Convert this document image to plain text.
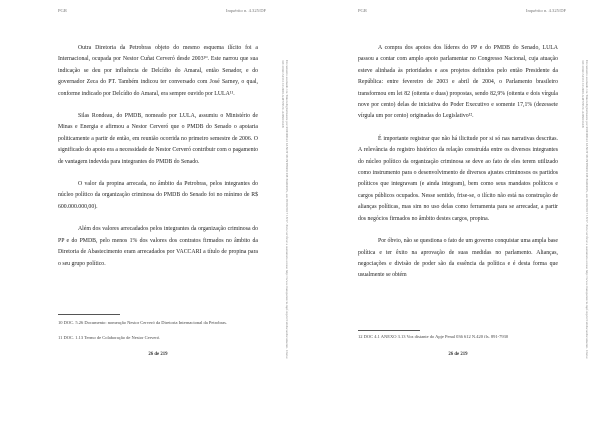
PGR	Inquérito n. 4.325/DF

Outra Diretoria da Petrobras objeto do mesmo esquema ilícito foi a Internacional, ocupada por Nestor Cuñat Cerveró desde 2003¹⁰. Este narrou que sua indicação se deu por influência de Delcídio do Amaral, então Senador, e do governador Zeca do PT. Também indicou ter conversado com José Sarney, o qual, conforme indicado por Delcídio do Amaral, era sempre ouvido por LULA¹¹.

Silas Rondeau, do PMDB, nomeado por LULA, assumiu o Ministério de Minas e Energia e afirmou a Nestor Cerveró que o PMDB do Senado o apoiaria politicamente a partir de então, em reunião ocorrida no primeiro semestre de 2006. O significado do apoio era a necessidade de Nestor Cerveró contribuir com o pagamento de vantagem indevida para integrantes do PMDB do Senado.

O valor da propina arrecada, no âmbito da Petrobras, pelos integrantes do núcleo político da organização criminosa do PMDB do Senado foi no mínimo de R$ 600.000.000,00).

Além dos valores arrecadados pelos integrantes da organização criminosa do PP e do PMDB, pelo menos 1% dos valores dos contratos firmados no âmbito da Diretoria de Abastecimento eram arrecadados por VACCARI a título de propina para o seu grupo político.

10 DOC. 5.26 Documento: nomeação Nestor Cerveró da Diretoria Internacional da Petrobras.
11 DOC. 1.13 Termo de Colaboração de Nestor Cerveró.
26 de 219	Documento assinado via Token digitalmente por RODRIGO JANOT MONTEIRO DE BARROS, em 05/09/2017 18:57. Para verificar a assinatura acesse http://www.transparencia.mpf.mp.br/validacaodocumento. Chave 32C1D4C3.DC1CC2DD.A4F37E2C.A2B0C0AB
PGR	Inquérito n. 4.325/DF

A compra dos apoios dos líderes do PP e do PMDB do Senado, LULA passou a contar com amplo apoio parlamentar no Congresso Nacional, cuja atuação esteve alinhada às prioridades e aos projetos definidos pelo então Presidente da República: entre fevereiro de 2003 e abril de 2004, o Parlamento brasileiro transformou em lei 82 (oitenta e duas) propostas, sendo 82,9% (oitenta e dois vírgula nove por cento) delas de iniciativa do Poder Executivo e somente 17,1% (dezessete vírgula um por cento) originadas do Legislativo¹².

É importante registrar que não há ilicitude por si só nas narrativas descritas. A relevância do registro histórico da relação construída entre os diversos integrantes do núcleo político da organização criminosa se deve ao fato de eles terem utilizado como instrumento para o desenvolvimento de diversos ajustes criminosos os partidos políticos que integravam (e ainda integram), bem como seus mandatos políticos e cargos públicos ocupados. Nesse sentido, frise-se, o ilícito não está na construção de alianças políticas, mas sim no uso delas como ferramenta para se arrecadar, a partir dos negócios firmados no âmbito destes cargos, propina.

Por óbvio, não se questiona o fato de um governo conquistar uma ampla base política e ter êxito na aprovação de suas medidas no parlamento. Alianças, negociações e divisão de poder são da essência da política e é desta forma que usualmente se obtém

12 DOC 4.1 ANEXO 3.13 Voz distante do Apje Penal 036 612 N.420 fls. 891-7930
26 de 219	Documento assinado via Token digitalmente por RODRIGO JANOT MONTEIRO DE BARROS, em 05/09/2017 18:57. Para verificar a assinatura acesse http://www.transparencia.mpf.mp.br/validacaodocumento. Chave 32C1D4C3.DC1CC2DD.A4F37E2C.A2B0C0AB
